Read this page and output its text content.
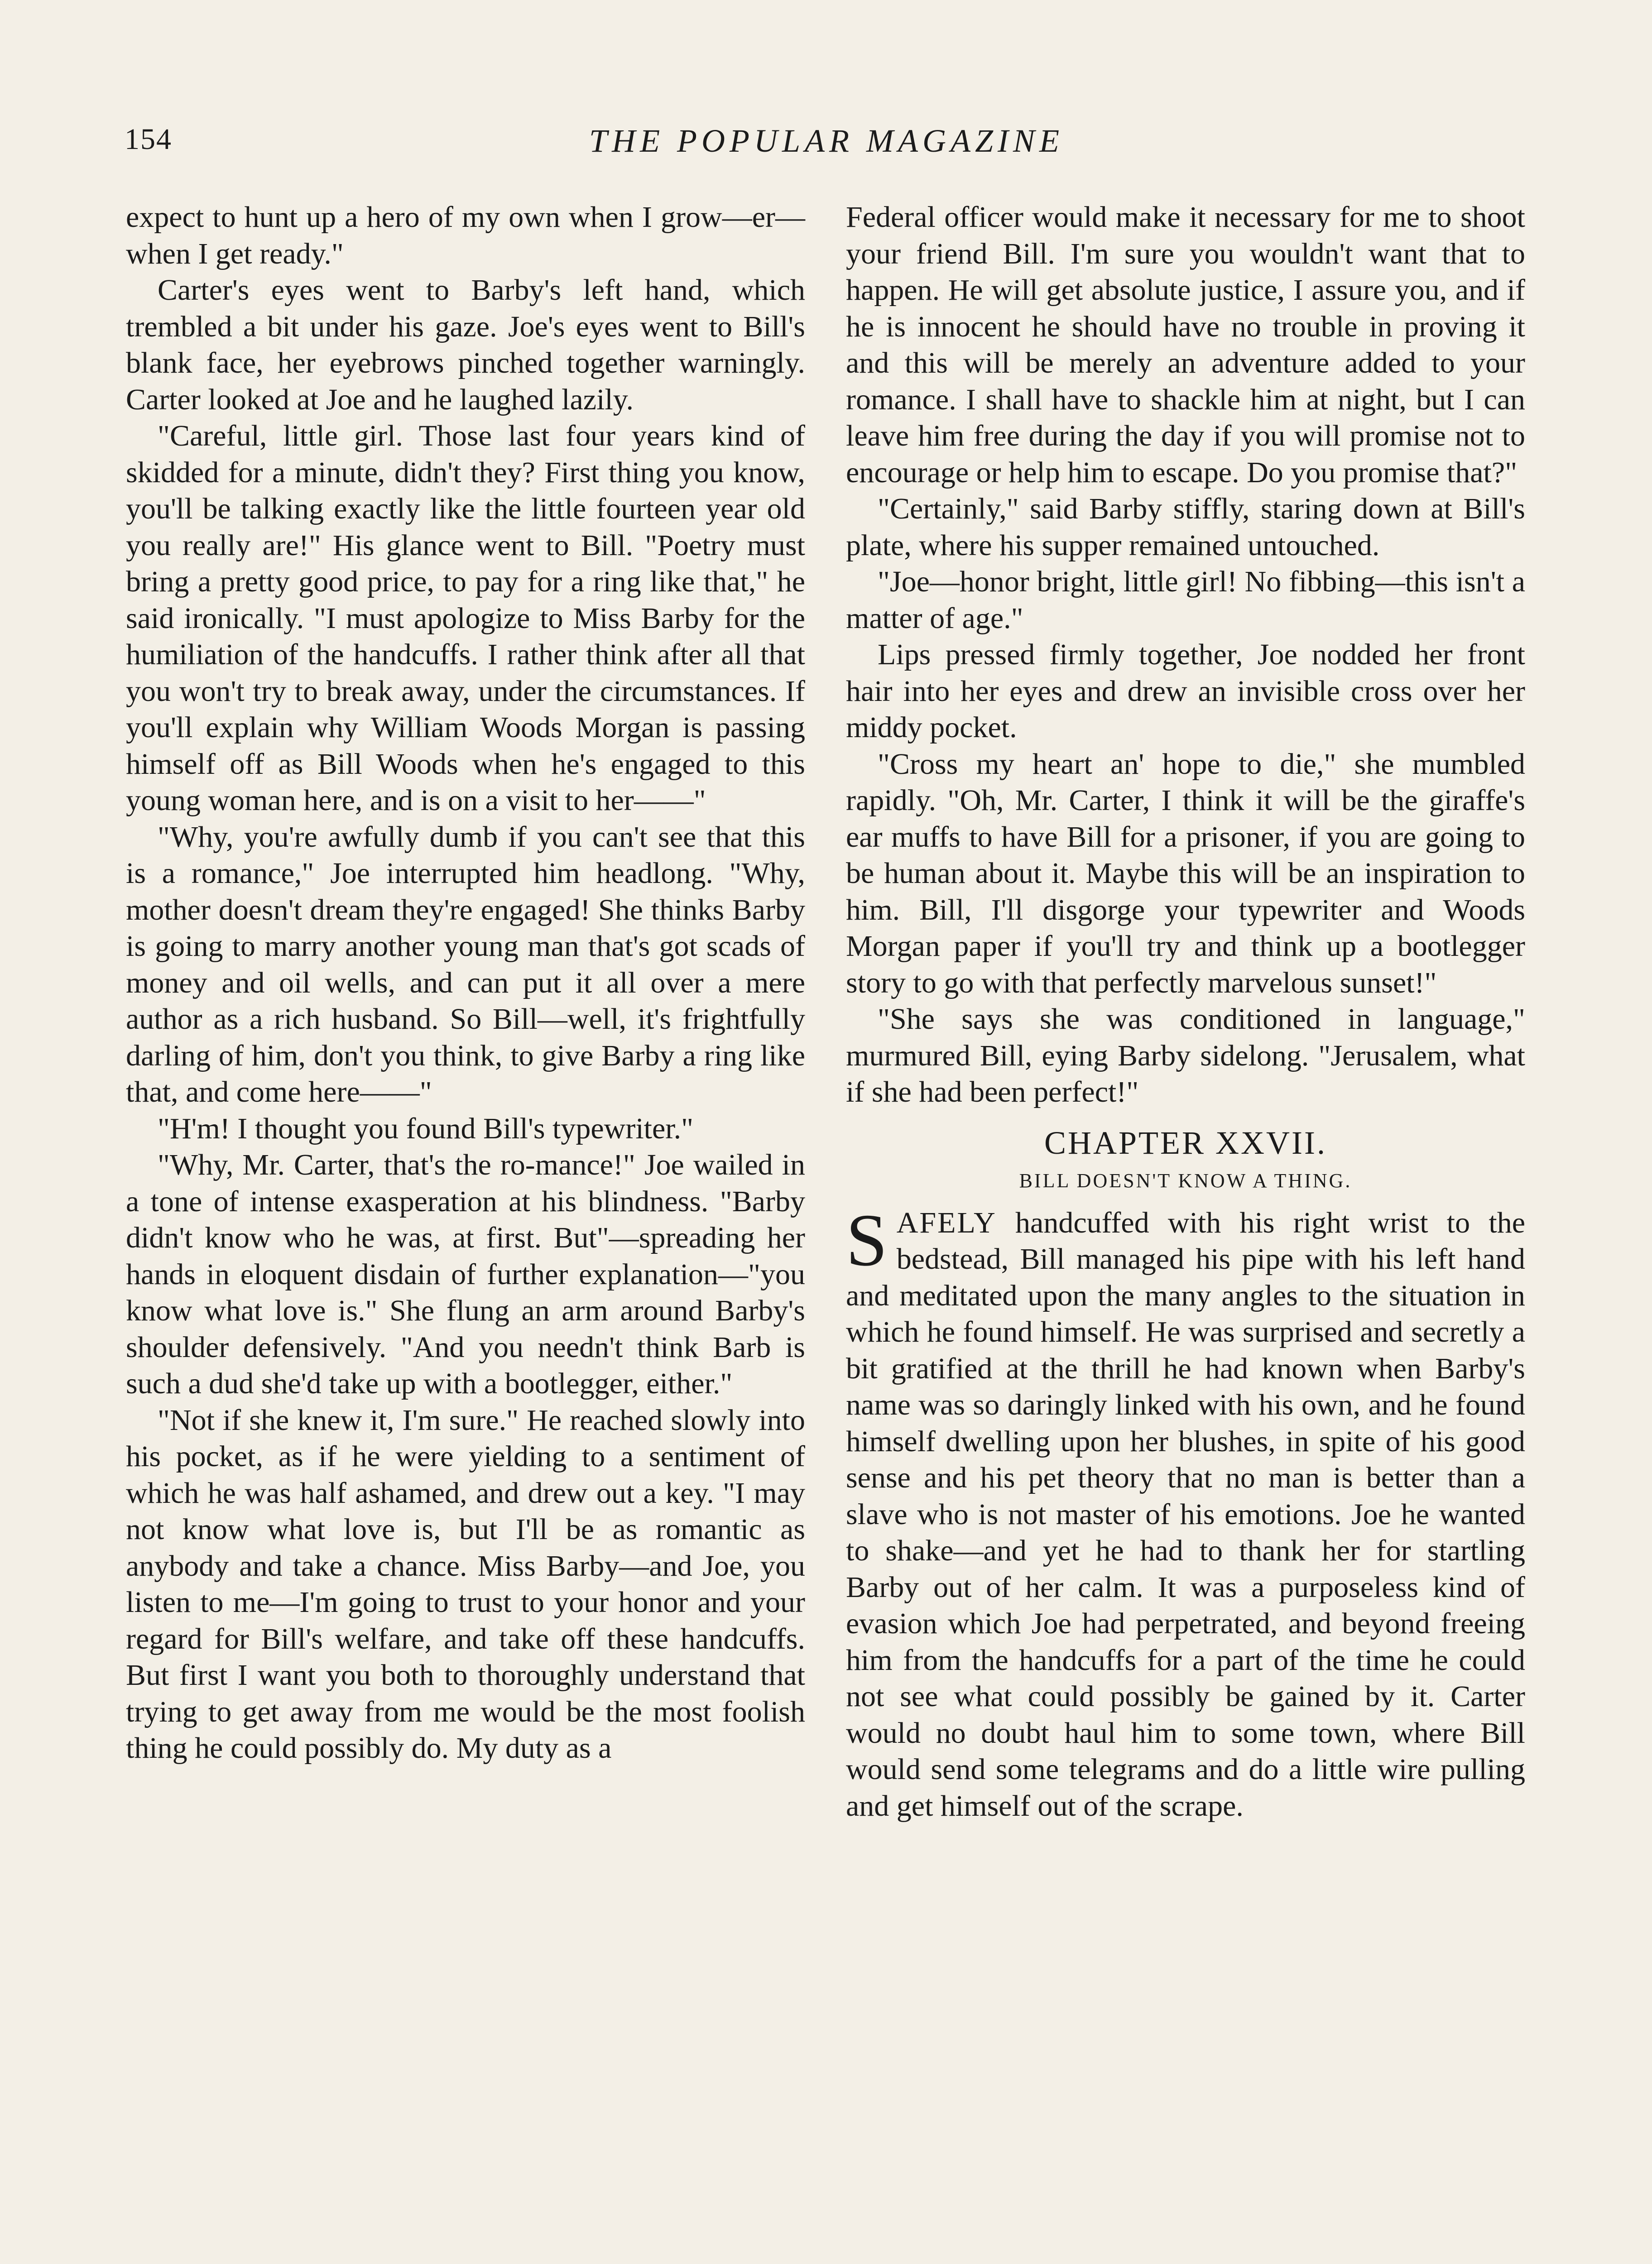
154	THE POPULAR MAGAZINE

expect to hunt up a hero of my own when I grow—er—when I get ready."

Carter's eyes went to Barby's left hand, which trembled a bit under his gaze. Joe's eyes went to Bill's blank face, her eyebrows pinched together warningly. Carter looked at Joe and he laughed lazily.

"Careful, little girl. Those last four years kind of skidded for a minute, didn't they? First thing you know, you'll be talking exactly like the little fourteen year old you really are!" His glance went to Bill. "Poetry must bring a pretty good price, to pay for a ring like that," he said ironically. "I must apologize to Miss Barby for the humiliation of the handcuffs. I rather think after all that you won't try to break away, under the circumstances. If you'll explain why William Woods Morgan is passing himself off as Bill Woods when he's engaged to this young woman here, and is on a visit to her——"

"Why, you're awfully dumb if you can't see that this is a romance," Joe interrupted him headlong. "Why, mother doesn't dream they're engaged! She thinks Barby is going to marry another young man that's got scads of money and oil wells, and can put it all over a mere author as a rich husband. So Bill—well, it's frightfully darling of him, don't you think, to give Barby a ring like that, and come here——"

"H'm! I thought you found Bill's typewriter."

"Why, Mr. Carter, that's the ro-mance!" Joe wailed in a tone of intense exasperation at his blindness. "Barby didn't know who he was, at first. But"—spreading her hands in eloquent disdain of further explanation—"you know what love is." She flung an arm around Barby's shoulder defensively. "And you needn't think Barb is such a dud she'd take up with a bootlegger, either."

"Not if she knew it, I'm sure." He reached slowly into his pocket, as if he were yielding to a sentiment of which he was half ashamed, and drew out a key. "I may not know what love is, but I'll be as romantic as anybody and take a chance. Miss Barby—and Joe, you listen to me—I'm going to trust to your honor and your regard for Bill's welfare, and take off these handcuffs. But first I want you both to thoroughly understand that trying to get away from me would be the most foolish thing he could possibly do. My duty as a

Federal officer would make it necessary for me to shoot your friend Bill. I'm sure you wouldn't want that to happen. He will get absolute justice, I assure you, and if he is innocent he should have no trouble in proving it and this will be merely an adventure added to your romance. I shall have to shackle him at night, but I can leave him free during the day if you will promise not to encourage or help him to escape. Do you promise that?"

"Certainly," said Barby stiffly, staring down at Bill's plate, where his supper remained untouched.

"Joe—honor bright, little girl! No fibbing—this isn't a matter of age."

Lips pressed firmly together, Joe nodded her front hair into her eyes and drew an invisible cross over her middy pocket.

"Cross my heart an' hope to die," she mumbled rapidly. "Oh, Mr. Carter, I think it will be the giraffe's ear muffs to have Bill for a prisoner, if you are going to be human about it. Maybe this will be an inspiration to him. Bill, I'll disgorge your typewriter and Woods Morgan paper if you'll try and think up a bootlegger story to go with that perfectly marvelous sunset!"

"She says she was conditioned in language," murmured Bill, eying Barby sidelong. "Jerusalem, what if she had been perfect!"

CHAPTER XXVII.
BILL DOESN'T KNOW A THING.

SAFELY handcuffed with his right wrist to the bedstead, Bill managed his pipe with his left hand and meditated upon the many angles to the situation in which he found himself. He was surprised and secretly a bit gratified at the thrill he had known when Barby's name was so daringly linked with his own, and he found himself dwelling upon her blushes, in spite of his good sense and his pet theory that no man is better than a slave who is not master of his emotions. Joe he wanted to shake—and yet he had to thank her for startling Barby out of her calm. It was a purposeless kind of evasion which Joe had perpetrated, and beyond freeing him from the handcuffs for a part of the time he could not see what could possibly be gained by it. Carter would no doubt haul him to some town, where Bill would send some telegrams and do a little wire pulling and get himself out of the scrape.
